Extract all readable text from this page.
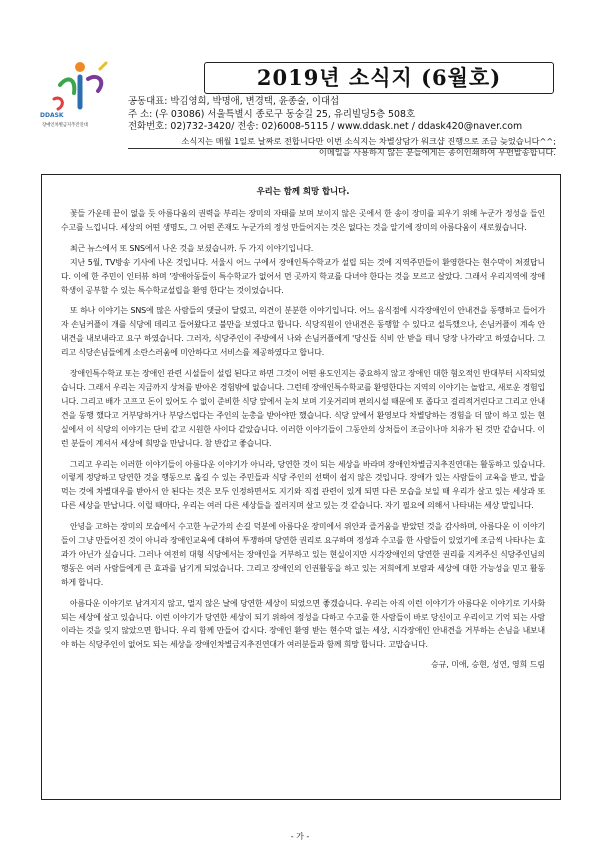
DDASK
장애인차별금지추진연대
2019년 소식지 (6월호)
공동대표: 박김영희, 박명애, 변경택, 윤종술, 이대섭
주 소: (우 03086) 서울특별시 종로구 동숭길 25, 유리빌딩5층 508호
전화번호: 02)732-3420/ 전송: 02)6008-5115 / www.ddask.net / ddask420@naver.com
소식지는 매월 1일로 날짜로 전합니다만 이번 소식지는 차별상담가 워크샵 진행으로 조금 늦었습니다^^;
이메일을 사용하지 않는 분들에게는 종이인쇄하여 우편발송합니다.
우리는 함께 희망 합니다.

꽃들 가운데 끝이 없을 듯 아름다움의 권력을 부리는 장미의 자태를 보며 보이지 않은 곳에서 한 송이 장미를 피우기 위해 누군가 정성을 들인 수고를 느낍니다. 세상의 어떤 생명도, 그 어떤 존재도 누군가의 정성 만들어지는 것은 없다는 것을 알기에 장미의 아름다움이 새로웠습니다.

최근 뉴스에서 또 SNS에서 나온 것을 보셨습니까. 두 가지 이야기입니다.

지난 5월, TV방송 기사에 나온 것입니다. 서울시 어느 구에서 장애인특수학교가 설립 되는 것에 지역주민들이 환영한다는 현수막이 쳐졌답니다. 이에 한 주민이 인터뷰 하며 '장애아동들이 특수학교가 없어서 먼 곳까지 학교를 다녀야 한다는 것을 모르고 살았다. 그래서 우리지역에 장애학생이 공부할 수 있는 특수학교설립을 환영 한다'는 것이었습니다.

또 하나 이야기는 SNS에 많은 사람들의 댓글이 달렸고, 의견이 분분한 이야기입니다. 어느 음식점에 시각장애인이 안내견을 동행하고 들어가자 손님커플이 개를 식당에 데리고 들어왔다고 불만을 보였다고 합니다. 식당직원이 안내견은 동행할 수 있다고 설득했으나, 손님커플이 계속 안내견을 내보내라고 요구 하였습니다. 그러자, 식당주인이 주방에서 나와 손님커플에게 '당신들 식비 안 받을 테니 당장 나가라'고 하였습니다. 그리고 식당손님들에게 소란스러움에 미안하다고 서비스를 제공하였다고 합니다.

장애인특수학교 또는 장애인 관련 시설들이 설립 된다고 하면 그것이 어떤 용도인지는 중요하지 않고 장애인 대한 혐오적인 반대부터 시작되었습니다. 그래서 우리는 지금까지 상처를 받아온 경험밖에 없습니다. 그런데 장애인특수학교를 환영한다는 지역의 이야기는 놀랍고, 새로운 경험입니다. 그리고 배가 고프고 돈이 있어도 수 없이 준비한 식당 앞에서 눈치 보며 기웃거리며 편의시설 때문에 또 좁다고 걸리적거린다고 그리고 안내견을 동행 했다고 거부당하거나 부당스럽다는 주인의 눈총을 받아야만 했습니다. 식당 앞에서 환영보다 차별당하는 경험을 더 많이 하고 있는 현실에서 이 식당의 이야기는 단비 같고 시원한 사이다 같았습니다. 이러한 이야기들이 그동안의 상처들이 조금이나마 치유가 된 것만 같습니다. 이런 분들이 계셔서 세상에 희망을 만납니다. 참 반갑고 좋습니다.

그리고 우리는 이러한 이야기들이 아름다운 이야기가 아니라, 당연한 것이 되는 세상을 바라며 장애인차별금지추진연대는 활동하고 있습니다. 이렇게 정당하고 당연한 것을 행동으로 옮길 수 있는 주민들과 식당 주인의 선택이 쉽지 않은 것입니다. 장애가 있는 사람들이 교육을 받고, 밥을 먹는 것에 차별대우를 받아서 안 된다는 것은 모두 인정하면서도 지기와 직접 관련이 있게 되면 다른 모습을 보일 때 우리가 살고 있는 세상과 또 다른 세상을 만납니다. 이럴 때마다, 우리는 여러 다른 세상들을 질러지며 살고 있는 것 같습니다. 자기 필요에 의해서 나타내는 세상 말입니다.

안녕을 고하는 장미의 모습에서 수고한 누군가의 손길 덕분에 아름다운 장미에서 위안과 즐거움을 받았던 것을 감사하며, 아름다운 이 이야기들이 그냥 만들어진 것이 아니라 장애인교육에 대하여 투쟁하며 당연한 권리로 요구하며 정성과 수고를 한 사람들이 있었기에 조금씩 나타나는 효과가 아닌가 싶습니다. 그러나 여전히 대형 식당에서는 장애인을 거부하고 있는 현실이지만 시각장애인의 당연한 권리를 지켜주신 식당주인님의 행동은 여러 사람들에게 큰 효과를 남기게 되었습니다. 그리고 장애인의 인권활동을 하고 있는 저희에게 보람과 세상에 대한 가능성을 믿고 활동하게 합니다.

아름다운 이야기로 남겨지지 않고, 멀지 않은 날에 당연한 세상이 되었으면 좋겠습니다. 우리는 아직 이런 이야기가 아름다운 이야기로 기사화 되는 세상에 살고 있습니다. 이런 이야기가 당연한 세상이 되기 위하여 정성을 다하고 수고를 한 사람들이 바로 당신이고 우리이고 기억 되는 사람이라는 것을 잊지 않았으면 합니다. 우리 함께 만들어 갑시다. 장애인 환영 받는 현수막 없는 세상, 시각장애인 안내견을 거부하는 손님을 내보내야 하는 식당주인이 없어도 되는 세상을 장애인차별금지추진연대가 여러분들과 함께 희망 합니다. 고맙습니다.

승규, 미애, 승현, 성연, 영희 드림
- 가 -
